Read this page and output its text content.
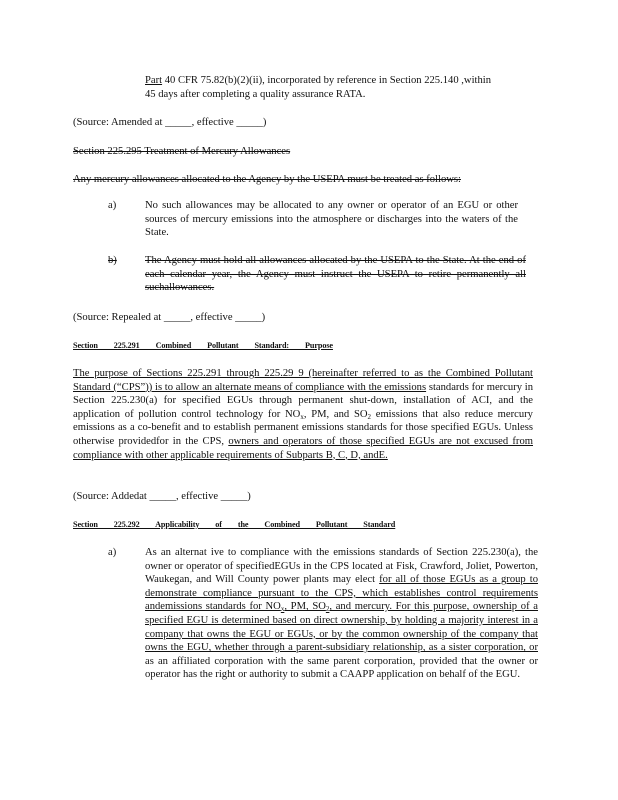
Part 40 CFR 75.82(b)(2)(ii), incorporated by reference in Section 225.140 ,within
45 days after completing a quality assurance RATA.
(Source: Amended at _____, effective _____)
Section 225.295 Treatment of Mercury Allowances
Any mercury allowances allocated to the Agency by the USEPA must be treated as follows:
a)	No such allowances may be allocated to any owner or operator of an EGU or other sources of mercury emissions into the atmosphere or discharges into the waters of the State.
b)	The Agency must hold all allowances allocated by the USEPA to the State. At the end of each calendar year, the Agency must instruct the USEPA to retire permanently all suchallowances.
(Source: Repealed at _____, effective _____)
Section 225.291 Combined Pollutant Standard: Purpose
The purpose of Sections 225.291 through 225.29 9 (hereinafter referred to as the Combined Pollutant Standard (“CPS”)) is to allow an alternate means of compliance with the emissions standards for mercury in Section 225.230(a) for specified EGUs through permanent shut-down, installation of ACI, and the application of pollution control technology for $NO_x$, PM, and $SO_2$ emissions that also reduce mercury emissions as a co-benefit and to establish permanent emissions standards for those specified EGUs. Unless otherwise providedfor in the CPS, owners and operators of those specified EGUs are not excused from compliance with other applicable requirements of Subparts B, C, D, andE.
(Source: Addedat _____, effective _____)
Section 225.292 Applicability of the Combined Pollutant Standard
a)	As an alternat ive to compliance with the emissions standards of Section 225.230(a), the owner or operator of specifiedEGUs in the CPS located at Fisk, Crawford, Joliet, Powerton, Waukegan, and Will County power plants may elect for all of those EGUs as a group to demonstrate compliance pursuant to the CPS, which establishes control requirements andemissions standards for $NO_x$, PM, $SO_2$, and mercury. For this purpose, ownership of a specified EGU is determined based on direct ownership, by holding a majority interest in a company that owns the EGU or EGUs, or by the common ownership of the company that owns the EGU, whether through a parent-subsidiary relationship, as a sister corporation, or as an affiliated corporation with the same parent corporation, provided that the owner or operator has the right or authority to submit a CAAPP application on behalf of the EGU.
